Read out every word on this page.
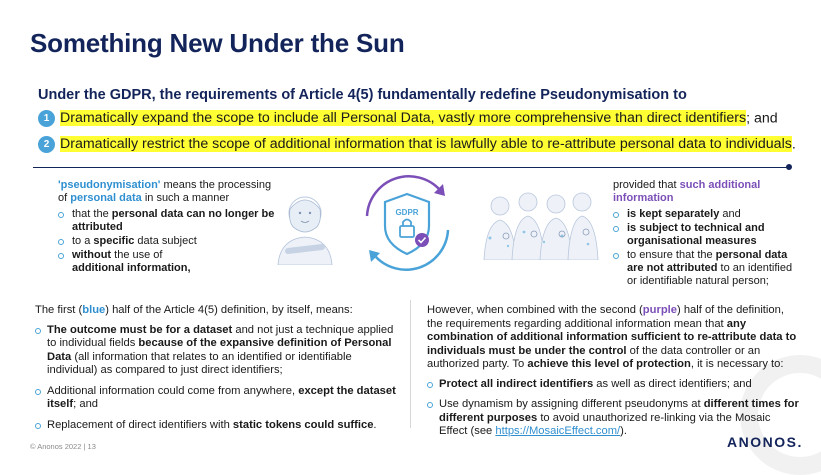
Something New Under the Sun
Under the GDPR, the requirements of Article 4(5) fundamentally redefine Pseudonymisation to
1 Dramatically expand the scope to include all Personal Data, vastly more comprehensive than direct identifiers; and
2 Dramatically restrict the scope of additional information that is lawfully able to re-attribute personal data to individuals.
'pseudonymisation' means the processing of personal data in such a manner
that the personal data can no longer be attributed
to a specific data subject
without the use of
additional information,
GDPR
provided that such additional information
is kept separately and
is subject to technical and organisational measures
to ensure that the personal data are not attributed to an identified or identifiable natural person;
The first (blue) half of the Article 4(5) definition, by itself, means:
The outcome must be for a dataset and not just a technique applied to individual fields because of the expansive definition of Personal Data (all information that relates to an identified or identifiable individual) as compared to just direct identifiers;
Additional information could come from anywhere, except the dataset itself; and
Replacement of direct identifiers with static tokens could suffice.
However, when combined with the second (purple) half of the definition, the requirements regarding additional information mean that any combination of additional information sufficient to re-attribute data to individuals must be under the control of the data controller or an authorized party. To achieve this level of protection, it is necessary to:
Protect all indirect identifiers as well as direct identifiers; and
Use dynamism by assigning different pseudonyms at different times for different purposes to avoid unauthorized re-linking via the Mosaic Effect (see https://MosaicEffect.com/).
© Anonos 2022 | 13	ANONOS.
